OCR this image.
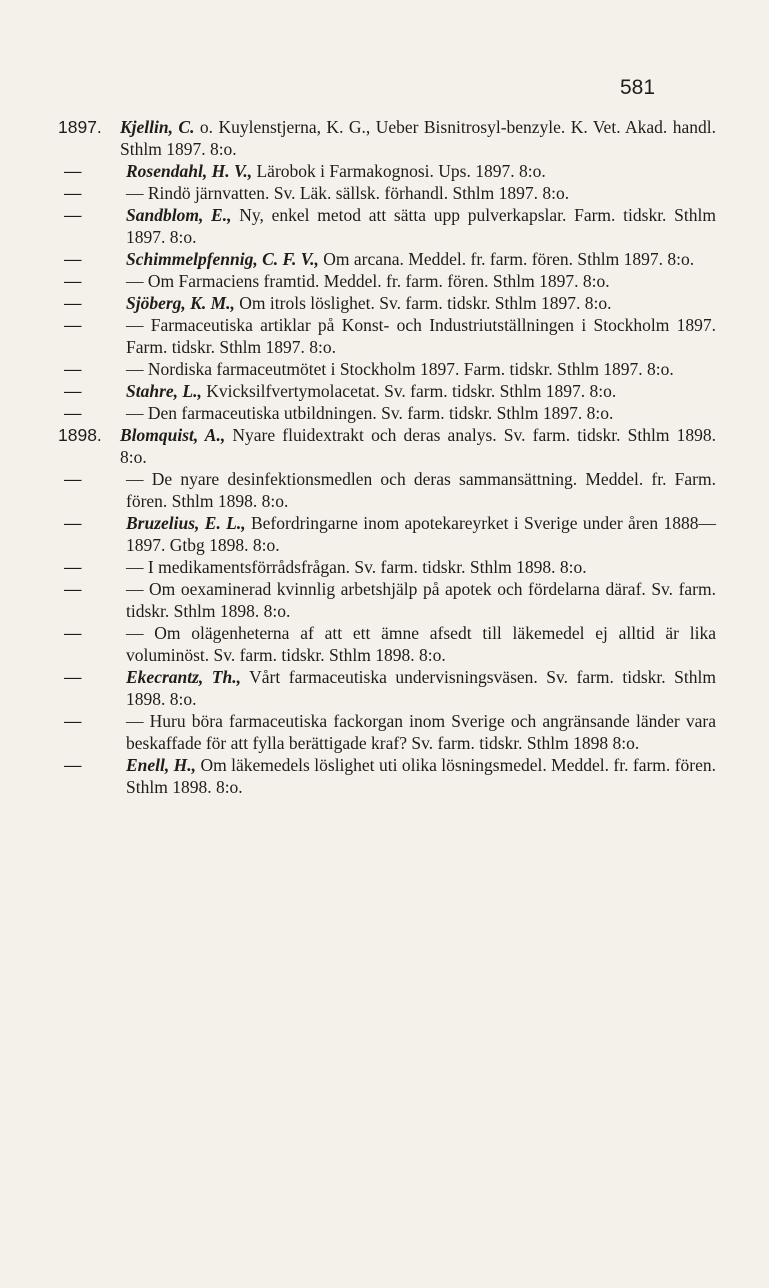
581
1897.	Kjellin, C. o. Kuylenstjerna, K. G., Ueber Bisnitrosyl-benzyle. K. Vet. Akad. handl. Sthlm 1897. 8:o.
—	Rosendahl, H. V., Lärobok i Farmakognosi. Ups. 1897. 8:o.
—	— Rindö järnvatten. Sv. Läk. sällsk. förhandl. Sthlm 1897. 8:o.
—	Sandblom, E., Ny, enkel metod att sätta upp pulverkapslar. Farm. tidskr. Sthlm 1897. 8:o.
—	Schimmelpfennig, C. F. V., Om arcana. Meddel. fr. farm. fören. Sthlm 1897. 8:o.
—	— Om Farmaciens framtid. Meddel. fr. farm. fören. Sthlm 1897. 8:o.
—	Sjöberg, K. M., Om itrols löslighet. Sv. farm. tidskr. Sthlm 1897. 8:o.
—	— Farmaceutiska artiklar på Konst- och Industriutställningen i Stockholm 1897. Farm. tidskr. Sthlm 1897. 8:o.
—	— Nordiska farmaceutmötet i Stockholm 1897. Farm. tidskr. Sthlm 1897. 8:o.
—	Stahre, L., Kvicksilfvertymolacetat. Sv. farm. tidskr. Sthlm 1897. 8:o.
—	— Den farmaceutiska utbildningen. Sv. farm. tidskr. Sthlm 1897. 8:o.
1898.	Blomquist, A., Nyare fluidextrakt och deras analys. Sv. farm. tidskr. Sthlm 1898. 8:o.
—	— De nyare desinfektionsmedlen och deras sammansättning. Meddel. fr. Farm. fören. Sthlm 1898. 8:o.
—	Bruzelius, E. L., Befordringarne inom apotekareyrket i Sverige under åren 1888—1897. Gtbg 1898. 8:o.
—	— I medikamentsförrådsfrågan. Sv. farm. tidskr. Sthlm 1898. 8:o.
—	— Om oexaminerad kvinnlig arbetshjälp på apotek och fördelarna däraf. Sv. farm. tidskr. Sthlm 1898. 8:o.
—	— Om olägenheterna af att ett ämne afsedt till läkemedel ej alltid är lika voluminöst. Sv. farm. tidskr. Sthlm 1898. 8:o.
—	Ekecrantz, Th., Vårt farmaceutiska undervisningsväsen. Sv. farm. tidskr. Sthlm 1898. 8:o.
—	— Huru böra farmaceutiska fackorgan inom Sverige och angränsande länder vara beskaffade för att fylla berättigade kraf? Sv. farm. tidskr. Sthlm 1898 8:o.
—	Enell, H., Om läkemedels löslighet uti olika lösningsmedel. Meddel. fr. farm. fören. Sthlm 1898. 8:o.
